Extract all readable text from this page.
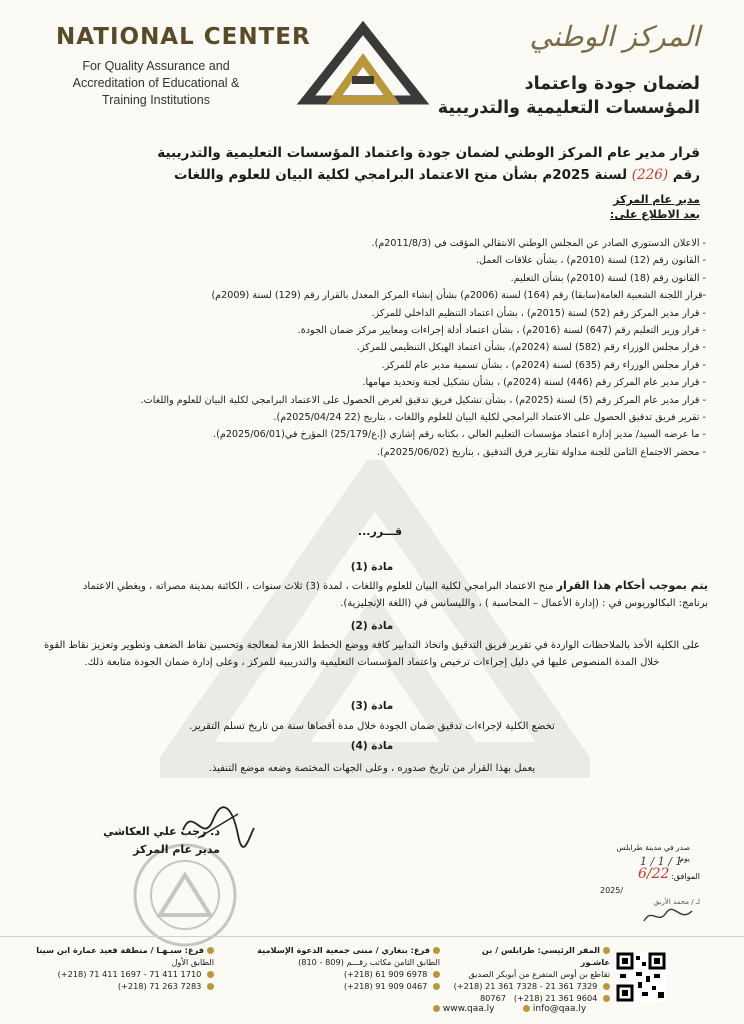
NATIONAL CENTER
For Quality Assurance and Accreditation of Educational & Training Institutions
المركز الوطني
لضمان جودة واعتماد المؤسسات التعليمية والتدريبية
قرار مدير عام المركز الوطني لضمان جودة واعتماد المؤسسات التعليمية والتدريبية
رقم (226) لسنة 2025م بشأن منح الاعتماد البرامجي لكلية البيان للعلوم واللغات
مدير عام المركز
بعد الاطلاع على:
- الاعلان الدستوري الصادر عن المجلس الوطني الانتقالي المؤقت في (2011/8/3م).
- القانون رقم (12) لسنة (2010م) ، بشأن علاقات العمل.
- القانون رقم (18) لسنة (2010م) بشأن التعليم.
-قرار اللجنة الشعبية العامة(سابقا) رقم (164) لسنة (2006م) بشأن إنشاء المركز المعدل بالقرار رقم (129) لسنة (2009م)
- قرار مدير المركز رقم (52) لسنة (2015م) ، بشأن اعتماد التنظيم الداخلي للمركز.
- قرار وزير التعليم رقم (647) لسنة (2016م) ، بشأن اعتماد أدلة إجراءات ومعايير مركز ضمان الجودة.
- قرار مجلس الوزراء رقم (582) لسنة (2024م)، بشأن اعتماد الهيكل التنظيمي للمركز.
- قرار مجلس الوزراء رقم (635) لسنة (2024م) ، بشأن تسمية مدير عام للمركز.
- قرار مدير عام المركز رقم (446) لسنة (2024م) ، بشأن تشكيل لجنة وتحديد مهامها.
- قرار مدير عام المركز رقم (5) لسنة (2025م) ، بشأن تشكيل فريق تدقيق لغرض الحصول على الاعتماد البرامجي لكلية البيان للعلوم واللغات.
- تقرير فريق تدقيق الحصول على الاعتماد البرامجي لكلية البيان للعلوم واللغات ، بتاريخ (22 2025/04/24م).
- ما عرضه السيد/ مدير إدارة اعتماد مؤسسات التعليم العالي ، بكتابه رقم إشاري (إ.ع/25/179) المؤرخ في(2025/06/01م).
- محضر الاجتماع الثامن للجنة مداولة تقارير فرق التدقيق ، بتاريخ (2025/06/02م).
قـــرر...
مادة (1)
يتم بموجب أحكام هذا القرار منح الاعتماد البرامجي لكلية البيان للعلوم واللغات ، لمدة (3) ثلاث سنوات ، الكائنة بمدينة مصراته ، ويغطي الاعتماد
برنامج: البكالوريوس في : (إدارة الأعمال – المحاسبة ) ، والليسانس في (اللغة الإنجليزية).
مادة (2)
على الكلية الأخذ بالملاحظات الواردة في تقرير فريق التدقيق واتخاذ التدابير كافة ووضع الخطط اللازمة لمعالجة وتحسين نقاط الضعف وتطوير وتعزيز نقاط القوة خلال المدة المنصوص عليها في دليل إجراءات ترخيص واعتماد المؤسسات التعليمية والتدريبية للمركز ، وعلى إدارة ضمان الجودة متابعة ذلك.
مادة (3)
تخضع الكلية لإجراءات تدقيق ضمان الجودة خلال مدة أقصاها سنة من تاريخ تسلم التقرير.
مادة (4)
يعمل بهذا القرار من تاريخ صدوره ، وعلى الجهات المختصة وضعه موضع التنفيذ.
د. رجب علي العكاشي
مدير عام المركز	صدر في مدينة طرابلس
يوم
1 / 1 / 1
6/22 الموافق:
2025/
لـ / محمد الأربق
المقر الرئيسي: طرابلس / بن عاشـور
تقاطع بن أوس المتفرع من أبوبكر الصديق
(+218) 21 361 7328 - 21 361 7329
80767 (+218) 21 361 9604
فرع: بنغازي / مبنى جمعية الدعوة الإسلامية
الطابق الثامن مكاتب رقـــم (809 - 810)
(+218) 61 909 6978
(+218) 91 909 0467
فرع: سبـهـا / منطقة قعيد عمارة ابن سينا
الطابق الأول
(+218) 71 411 1697 - 71 411 1710
(+218) 71 263 7283
www.qaa.ly	info@qaa.ly
